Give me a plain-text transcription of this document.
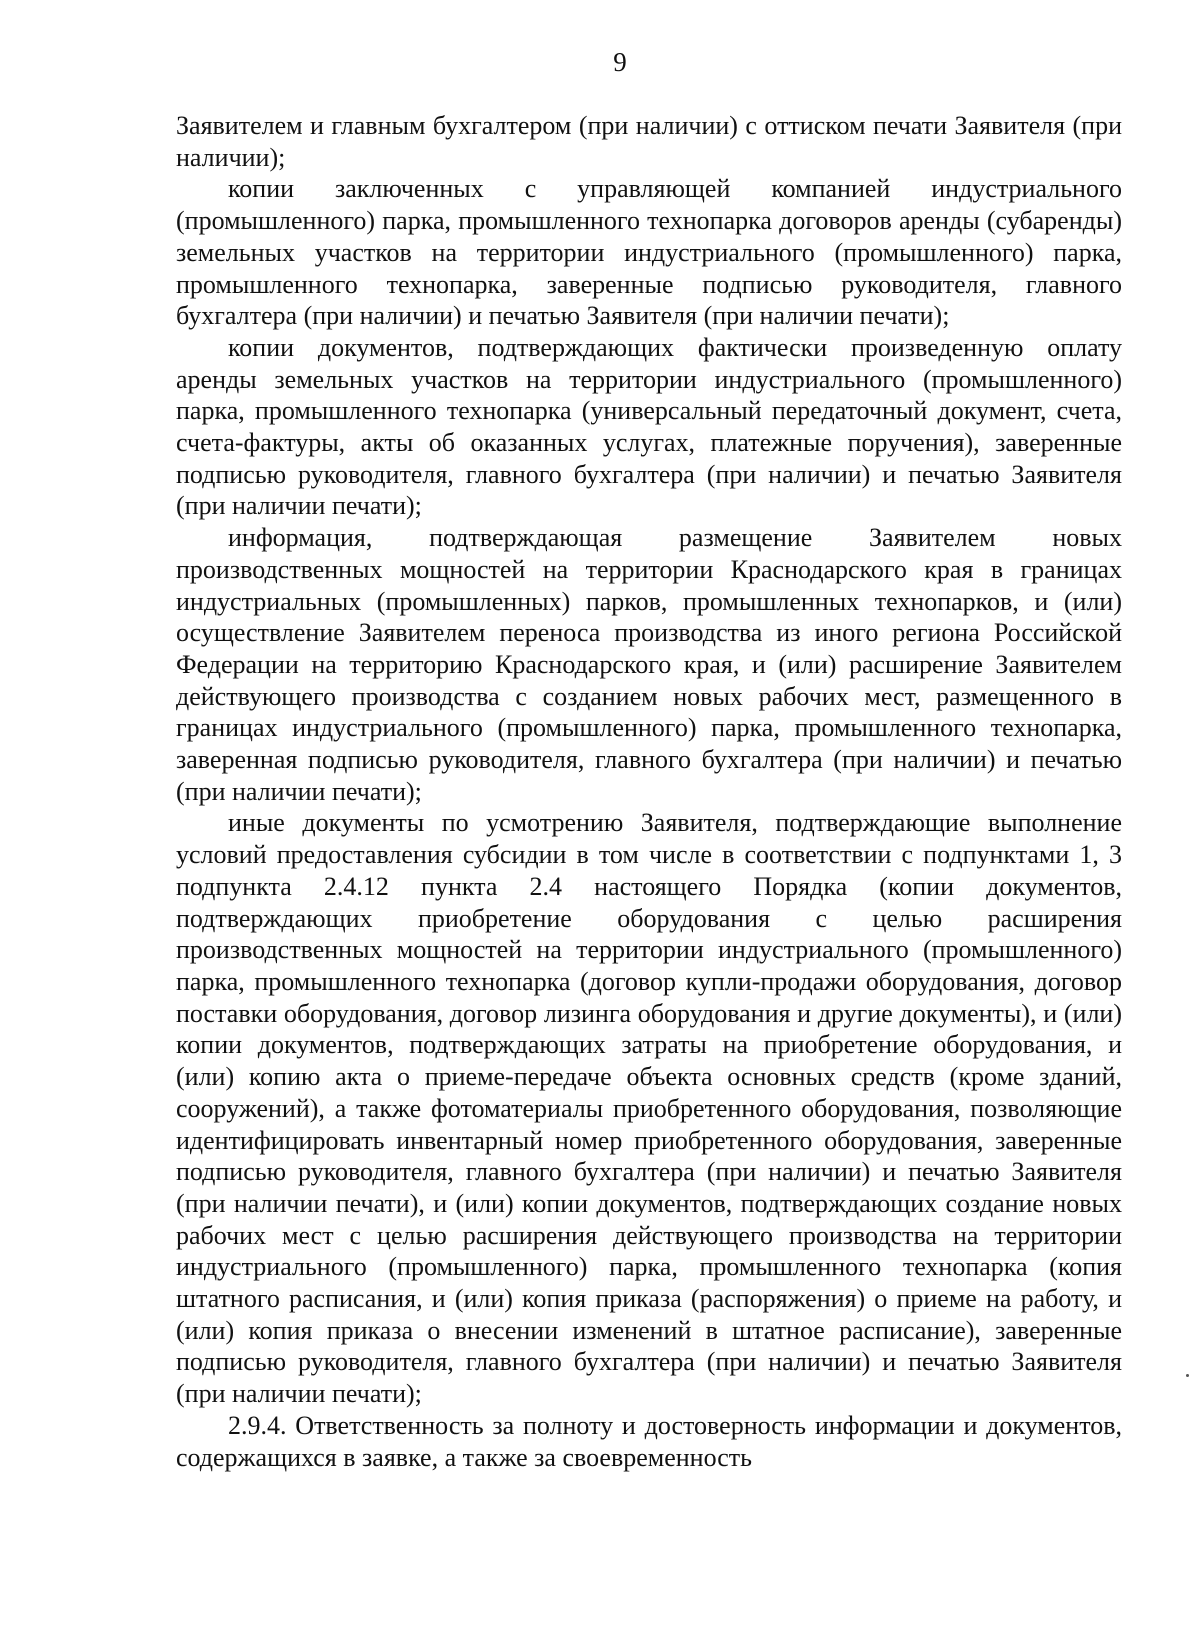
9

Заявителем и главным бухгалтером (при наличии) с оттиском печати Заявителя (при наличии);

копии заключенных с управляющей компанией индустриального (промышленного) парка, промышленного технопарка договоров аренды (субаренды) земельных участков на территории индустриального (промышленного) парка, промышленного технопарка, заверенные подписью руководителя, главного бухгалтера (при наличии) и печатью Заявителя (при наличии печати);

копии документов, подтверждающих фактически произведенную оплату аренды земельных участков на территории индустриального (промышленного) парка, промышленного технопарка (универсальный передаточный документ, счета, счета-фактуры, акты об оказанных услугах, платежные поручения), заверенные подписью руководителя, главного бухгалтера (при наличии) и печатью Заявителя (при наличии печати);

информация, подтверждающая размещение Заявителем новых производственных мощностей на территории Краснодарского края в границах индустриальных (промышленных) парков, промышленных технопарков, и (или) осуществление Заявителем переноса производства из иного региона Российской Федерации на территорию Краснодарского края, и (или) расширение Заявителем действующего производства с созданием новых рабочих мест, размещенного в границах индустриального (промышленного) парка, промышленного технопарка, заверенная подписью руководителя, главного бухгалтера (при наличии) и печатью (при наличии печати);

иные документы по усмотрению Заявителя, подтверждающие выполнение условий предоставления субсидии в том числе в соответствии с подпунктами 1, 3 подпункта 2.4.12 пункта 2.4 настоящего Порядка (копии документов, подтверждающих приобретение оборудования с целью расширения производственных мощностей на территории индустриального (промышленного) парка, промышленного технопарка (договор купли-продажи оборудования, договор поставки оборудования, договор лизинга оборудования и другие документы), и (или) копии документов, подтверждающих затраты на приобретение оборудования, и (или) копию акта о приеме-передаче объекта основных средств (кроме зданий, сооружений), а также фотоматериалы приобретенного оборудования, позволяющие идентифицировать инвентарный номер приобретенного оборудования, заверенные подписью руководителя, главного бухгалтера (при наличии) и печатью Заявителя (при наличии печати), и (или) копии документов, подтверждающих создание новых рабочих мест с целью расширения действующего производства на территории индустриального (промышленного) парка, промышленного технопарка (копия штатного расписания, и (или) копия приказа (распоряжения) о приеме на работу, и (или) копия приказа о внесении изменений в штатное расписание), заверенные подписью руководителя, главного бухгалтера (при наличии) и печатью Заявителя (при наличии печати);

2.9.4. Ответственность за полноту и достоверность информации и документов, содержащихся в заявке, а также за своевременность
